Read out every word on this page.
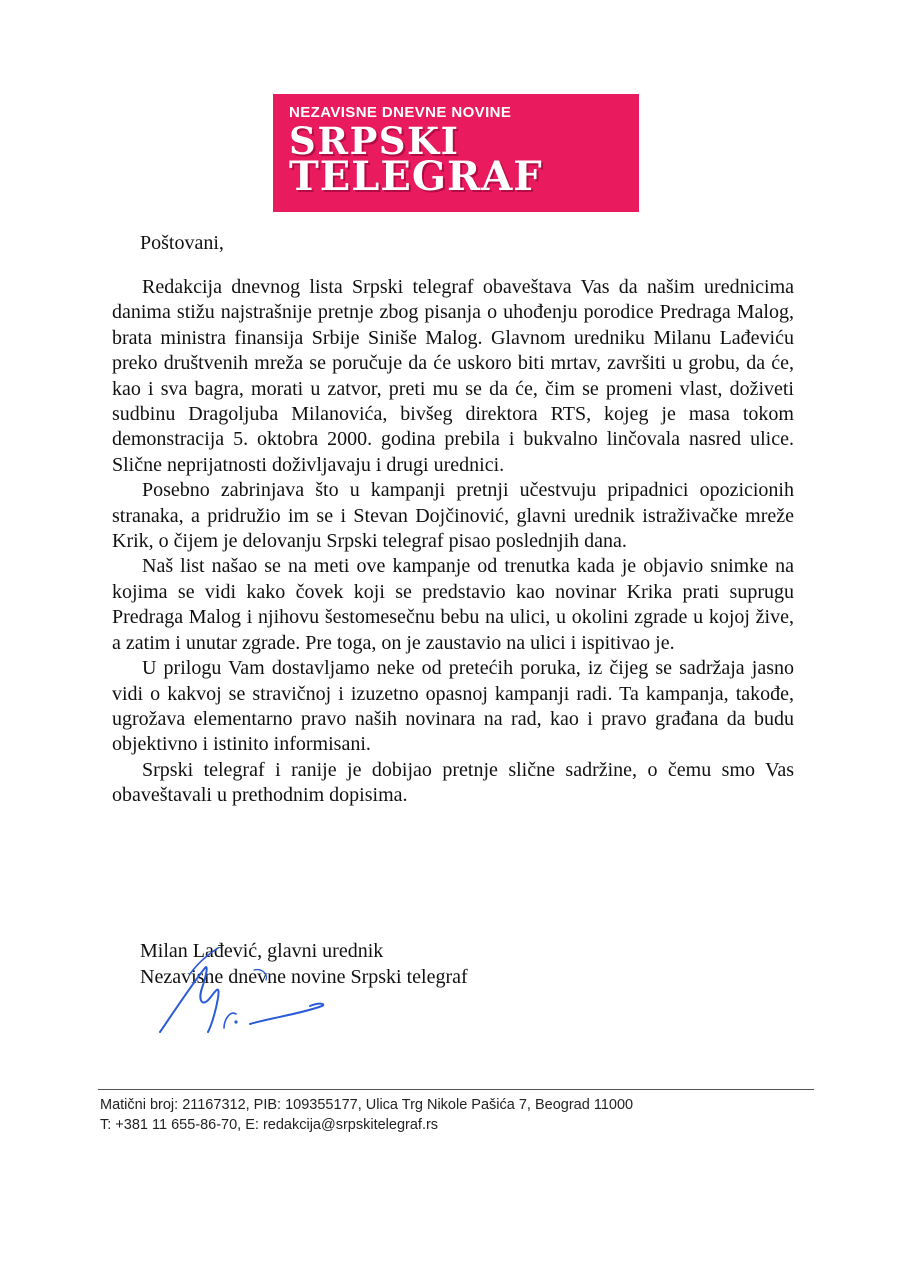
NEZAVISNE DNEVNE NOVINE
SRPSKI
TELEGRAF
Poštovani,

Redakcija dnevnog lista Srpski telegraf obaveštava Vas da našim urednicima danima stižu najstrašnije pretnje zbog pisanja o uhođenju porodice Predraga Malog, brata ministra finansija Srbije Siniše Malog. Glavnom uredniku Milanu Lađeviću preko društvenih mreža se poručuje da će uskoro biti mrtav, završiti u grobu, da će, kao i sva bagra, morati u zatvor, preti mu se da će, čim se promeni vlast, doživeti sudbinu Dragoljuba Milanovića, bivšeg direktora RTS, kojeg je masa tokom demonstracija 5. oktobra 2000. godina prebila i bukvalno linčovala nasred ulice. Slične neprijatnosti doživljavaju i drugi urednici.

Posebno zabrinjava što u kampanji pretnji učestvuju pripadnici opozicionih stranaka, a pridružio im se i Stevan Dojčinović, glavni urednik istraživačke mreže Krik, o čijem je delovanju Srpski telegraf pisao poslednjih dana.

Naš list našao se na meti ove kampanje od trenutka kada je objavio snimke na kojima se vidi kako čovek koji se predstavio kao novinar Krika prati suprugu Predraga Malog i njihovu šestomesečnu bebu na ulici, u okolini zgrade u kojoj žive, a zatim i unutar zgrade. Pre toga, on je zaustavio na ulici i ispitivao je.

U prilogu Vam dostavljamo neke od pretećih poruka, iz čijeg se sadržaja jasno vidi o kakvoj se stravičnoj i izuzetno opasnoj kampanji radi. Ta kampanja, takođe, ugrožava elementarno pravo naših novinara na rad, kao i pravo građana da budu objektivno i istinito informisani.

Srpski telegraf i ranije je dobijao pretnje slične sadržine, o čemu smo Vas obaveštavali u prethodnim dopisima.

Milan Lađević, glavni urednik
Nezavisne dnevne novine Srpski telegraf
Matični broj: 21167312, PIB: 109355177, Ulica Trg Nikole Pašića 7, Beograd 11000
T: +381 11 655-86-70, E: redakcija@srpskitelegraf.rs
